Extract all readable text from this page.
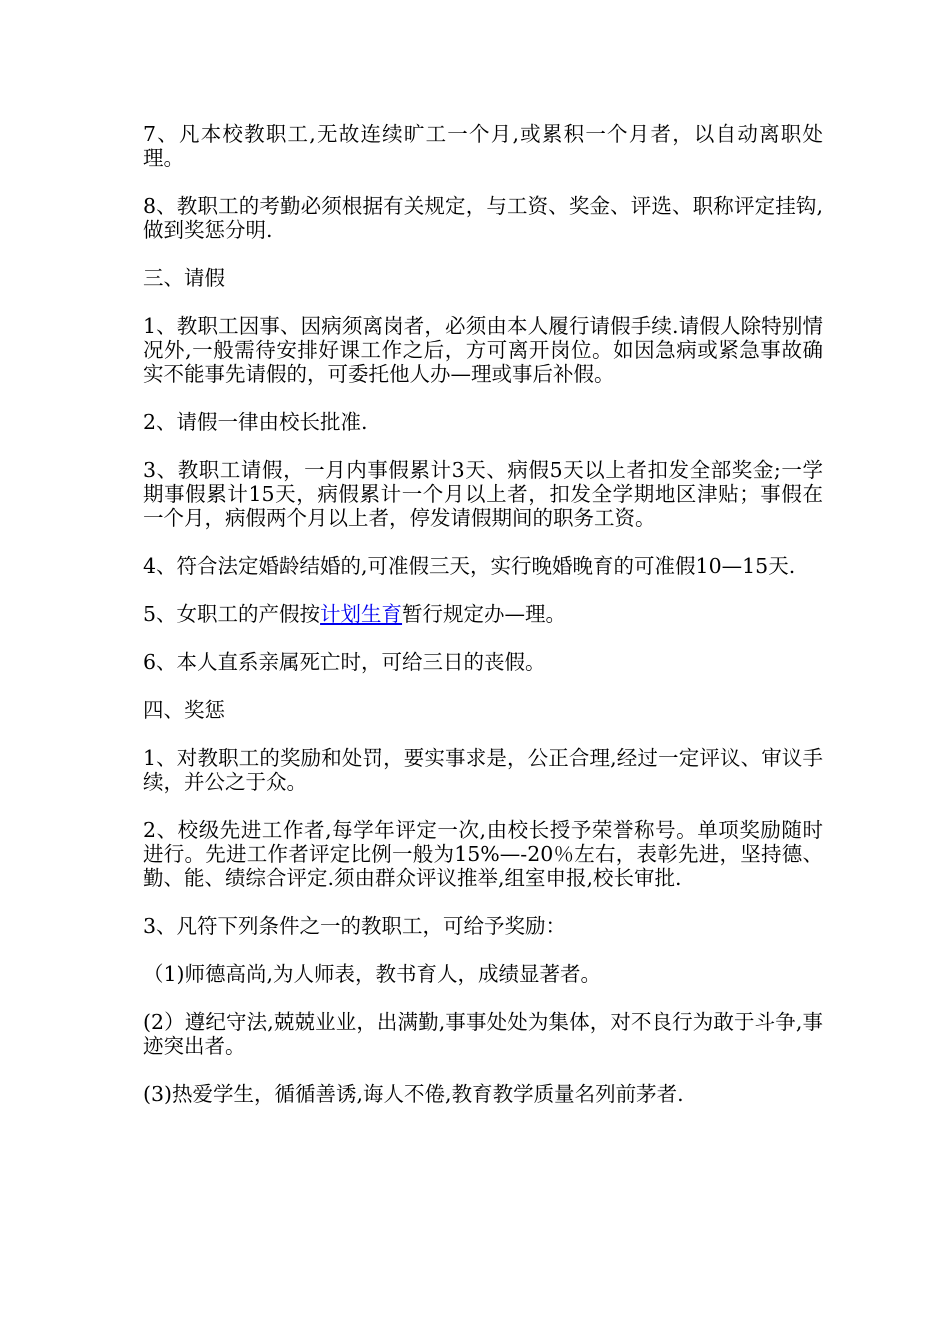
7、凡本校教职工,无故连续旷工一个月,或累积一个月者，以自动离职处理。

8、教职工的考勤必须根据有关规定，与工资、奖金、评选、职称评定挂钩,做到奖惩分明.

三、请假

1、教职工因事、因病须离岗者，必须由本人履行请假手续.请假人除特别情况外,一般需待安排好课工作之后，方可离开岗位。如因急病或紧急事故确实不能事先请假的，可委托他人办—理或事后补假。

2、请假一律由校长批准.

3、教职工请假，一月内事假累计3天、病假5天以上者扣发全部奖金;一学期事假累计15天，病假累计一个月以上者，扣发全学期地区津贴；事假在一个月，病假两个月以上者，停发请假期间的职务工资。

4、符合法定婚龄结婚的,可准假三天，实行晚婚晚育的可准假10—15天.

5、女职工的产假按计划生育暂行规定办—理。

6、本人直系亲属死亡时，可给三日的丧假。

四、奖惩

1、对教职工的奖励和处罚，要实事求是，公正合理,经过一定评议、审议手续，并公之于众。

2、校级先进工作者,每学年评定一次,由校长授予荣誉称号。单项奖励随时进行。先进工作者评定比例一般为15%—-20％左右，表彰先进，坚持德、勤、能、绩综合评定.须由群众评议推举,组室申报,校长审批.

3、凡符下列条件之一的教职工，可给予奖励：

（1)师德高尚,为人师表，教书育人，成绩显著者。

(2）遵纪守法,兢兢业业，出满勤,事事处处为集体，对不良行为敢于斗争,事迹突出者。

(3)热爱学生，循循善诱,诲人不倦,教育教学质量名列前茅者.
